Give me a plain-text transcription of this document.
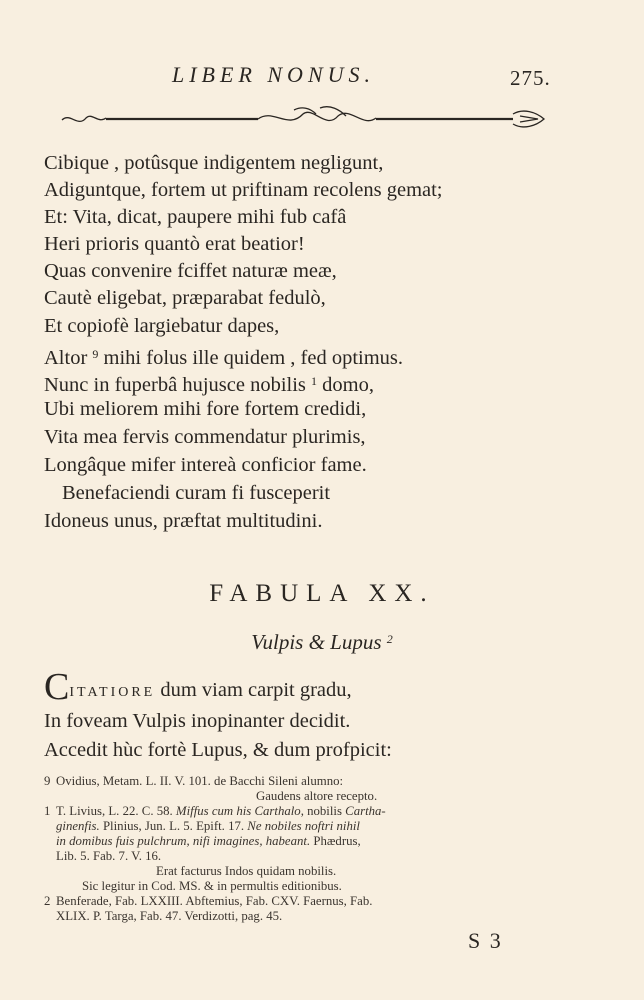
LIBER NONUS.	275.
Cibique , potûsque indigentem negligunt,
Adiguntque, fortem ut priftinam recolens gemat;
Et: Vita, dicat, paupere mihi fub cafâ
Heri prioris quantò erat beatior!
Quas convenire fciffet naturæ meæ,
Cautè eligebat, præparabat fedulò,
Et copiofè largiebatur dapes,
Altor $^9$ mihi folus ille quidem , fed optimus.
Nunc in fuperbâ hujusce nobilis $^1$ domo,
Ubi meliorem mihi fore fortem credidi,
Vita mea fervis commendatur plurimis,
Longâque mifer intereà conficior fame.
Benefaciendi curam fi fusceperit
Idoneus unus, præftat multitudini.
FABULA XX.
Vulpis & Lupus $^2$
CITATIORE dum viam carpit gradu,
In foveam Vulpis inopinanter decidit.
Accedit hùc fortè Lupus, & dum profpicit:
9 Ovidius, Metam. L. II. V. 101. de Bacchi Sileni alumno:
Gaudens altore recepto.
1 T. Livius, L. 22. C. 58. Miffus cum his Carthalo, nobilis Cartha-
ginenfis. Plinius, Jun. L. 5. Epift. 17. Ne nobiles noftri nihil
in domibus fuis pulchrum, nifi imagines, habeant. Phædrus,
Lib. 5. Fab. 7. V. 16.
Erat facturus Indos quidam nobilis.
Sic legitur in Cod. MS. & in permultis editionibus.
2 Benferade, Fab. LXXIII. Abftemius, Fab. CXV. Faernus, Fab.
XLIX. P. Targa, Fab. 47. Verdizotti, pag. 45.
S 3
